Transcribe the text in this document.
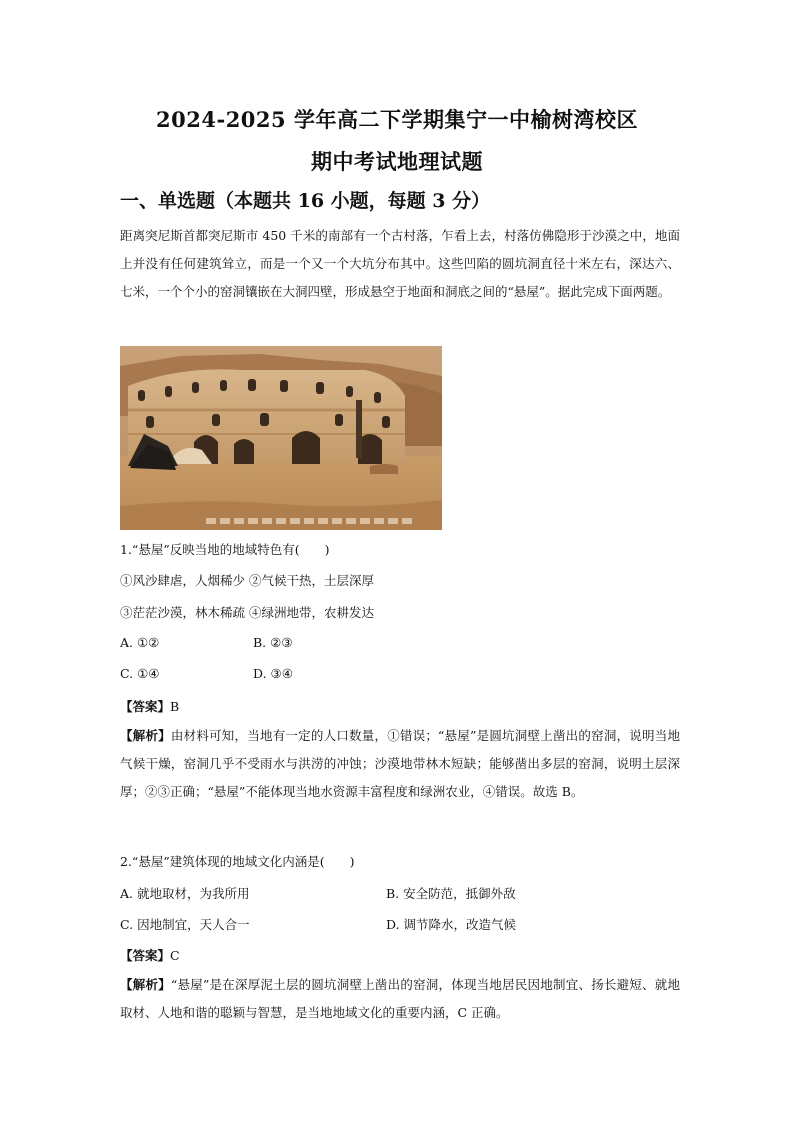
2024-2025 学年高二下学期集宁一中榆树湾校区
期中考试地理试题
一、单选题（本题共 16 小题，每题 3 分）
距离突尼斯首都突尼斯市 450 千米的南部有一个古村落，乍看上去，村落仿佛隐形于沙漠之中，地面上并没有任何建筑耸立，而是一个又一个大坑分布其中。这些凹陷的圆坑洞直径十米左右，深达六、七米，一个个小的窑洞镶嵌在大洞四壁，形成悬空于地面和洞底之间的“悬屋”。据此完成下面两题。
1.“悬屋”反映当地的地域特色有(　　)
①风沙肆虐，人烟稀少 ②气候干热，土层深厚
③茫茫沙漠，林木稀疏 ④绿洲地带，农耕发达
A. ①②	B. ②③
C. ①④	D. ③④
【答案】B
【解析】由材料可知，当地有一定的人口数量，①错误；“悬屋”是圆坑洞壁上凿出的窑洞，说明当地气候干燥，窑洞几乎不受雨水与洪涝的冲蚀；沙漠地带林木短缺；能够凿出多层的窑洞，说明土层深厚；②③正确；“悬屋”不能体现当地水资源丰富程度和绿洲农业，④错误。故选 B。
2.“悬屋”建筑体现的地域文化内涵是(　　)
A. 就地取材，为我所用	B. 安全防范，抵御外敌
C. 因地制宜，天人合一	D. 调节降水，改造气候
【答案】C
【解析】“悬屋”是在深厚泥土层的圆坑洞壁上凿出的窑洞，体现当地居民因地制宜、扬长避短、就地取材、人地和谐的聪颖与智慧，是当地地域文化的重要内涵，C 正确。
